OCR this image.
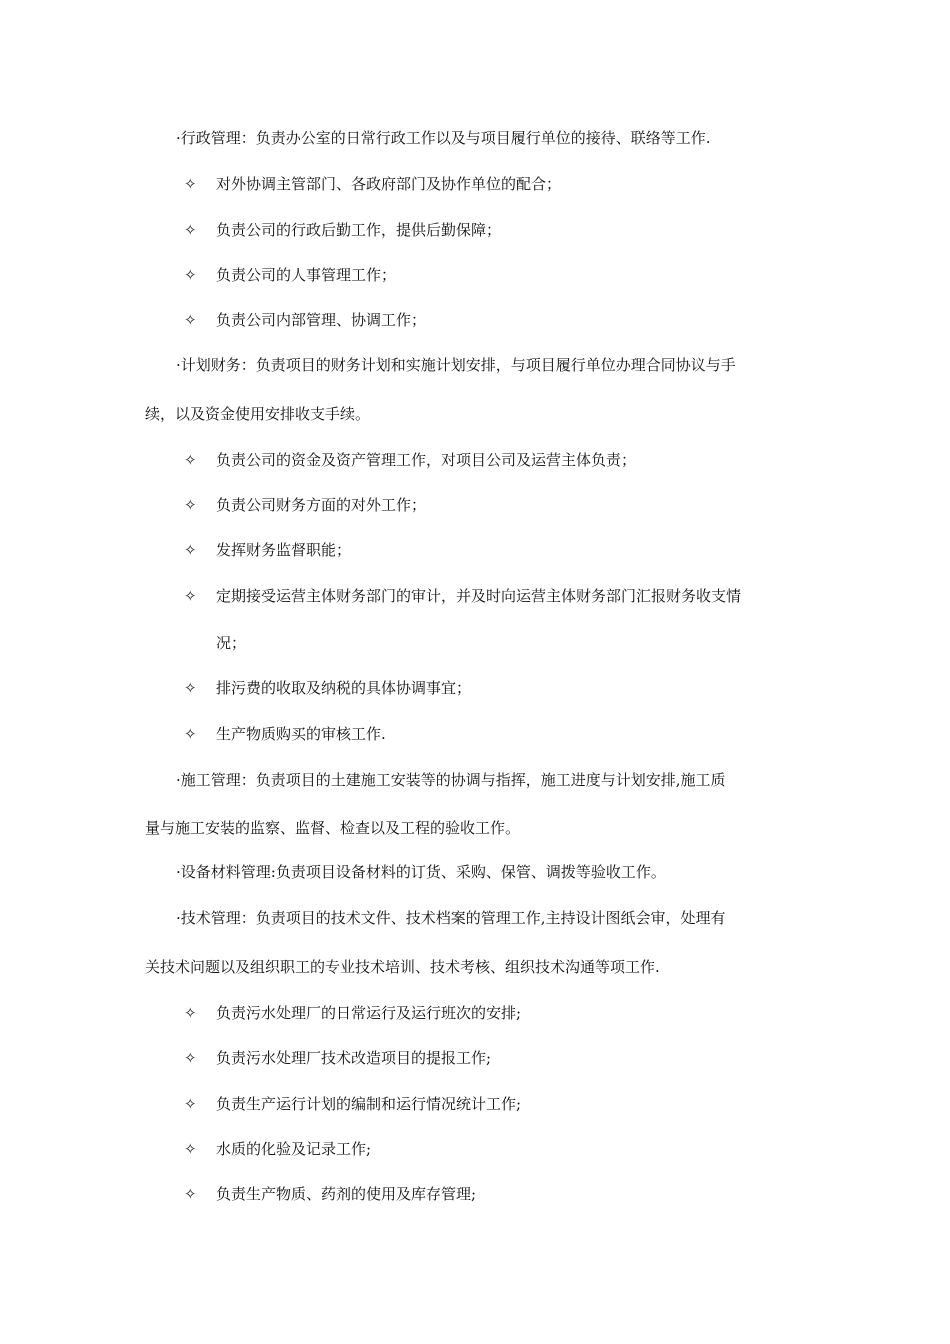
·行政管理：负责办公室的日常行政工作以及与项目履行单位的接待、联络等工作.
✧ 对外协调主管部门、各政府部门及协作单位的配合；
✧ 负责公司的行政后勤工作，提供后勤保障；
✧ 负责公司的人事管理工作；
✧ 负责公司内部管理、协调工作；
·计划财务：负责项目的财务计划和实施计划安排，与项目履行单位办理合同协议与手
续，以及资金使用安排收支手续。
✧ 负责公司的资金及资产管理工作，对项目公司及运营主体负责；
✧ 负责公司财务方面的对外工作；
✧ 发挥财务监督职能；
✧ 定期接受运营主体财务部门的审计，并及时向运营主体财务部门汇报财务收支情
况；
✧ 排污费的收取及纳税的具体协调事宜；
✧ 生产物质购买的审核工作.
·施工管理：负责项目的土建施工安装等的协调与指挥，施工进度与计划安排,施工质
量与施工安装的监察、监督、检查以及工程的验收工作。
·设备材料管理:负责项目设备材料的订货、采购、保管、调拨等验收工作。
·技术管理：负责项目的技术文件、技术档案的管理工作,主持设计图纸会审，处理有
关技术问题以及组织职工的专业技术培训、技术考核、组织技术沟通等项工作.
✧ 负责污水处理厂的日常运行及运行班次的安排;
✧ 负责污水处理厂技术改造项目的提报工作;
✧ 负责生产运行计划的编制和运行情况统计工作;
✧ 水质的化验及记录工作;
✧ 负责生产物质、药剂的使用及库存管理;
